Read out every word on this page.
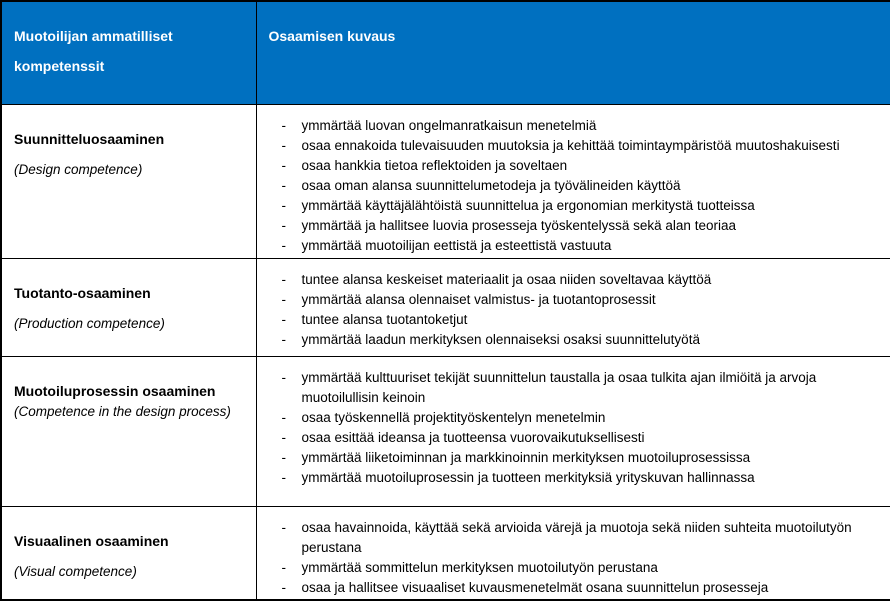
Muotoilijan ammatilliset kompetenssit	Osaamisen kuvaus

Suunnitteluosaaminen
(Design competence)

-	ymmärtää luovan ongelmanratkaisun menetelmiä
-	osaa ennakoida tulevaisuuden muutoksia ja kehittää toimintaympäristöä muutoshakuisesti
-	osaa hankkia tietoa reflektoiden ja soveltaen
-	osaa oman alansa suunnittelumetodeja ja työvälineiden käyttöä
-	ymmärtää käyttäjälähtöistä suunnittelua ja ergonomian merkitystä tuotteissa
-	ymmärtää ja hallitsee luovia prosesseja työskentelyssä sekä alan teoriaa
-	ymmärtää muotoilijan eettistä ja esteettistä vastuuta

Tuotanto-osaaminen
(Production competence)

-	tuntee alansa keskeiset materiaalit ja osaa niiden soveltavaa käyttöä
-	ymmärtää alansa olennaiset valmistus- ja tuotantoprosessit
-	tuntee alansa tuotantoketjut
-	ymmärtää laadun merkityksen olennaiseksi osaksi suunnittelutyötä

Muotoiluprosessin osaaminen
(Competence in the design process)

-	ymmärtää kulttuuriset tekijät suunnittelun taustalla ja osaa tulkita ajan ilmiöitä ja arvoja muotoilullisin keinoin
-	osaa työskennellä projektityöskentelyn menetelmin
-	osaa esittää ideansa ja tuotteensa vuorovaikutuksellisesti
-	ymmärtää liiketoiminnan ja markkinoinnin merkityksen muotoiluprosessissa
-	ymmärtää muotoiluprosessin ja tuotteen merkityksiä yrityskuvan hallinnassa

Visuaalinen osaaminen
(Visual competence)

-	osaa havainnoida, käyttää sekä arvioida värejä ja muotoja sekä niiden suhteita muotoilutyön perustana
-	ymmärtää sommittelun merkityksen muotoilutyön perustana
-	osaa ja hallitsee visuaaliset kuvausmenetelmät osana suunnittelun prosesseja
